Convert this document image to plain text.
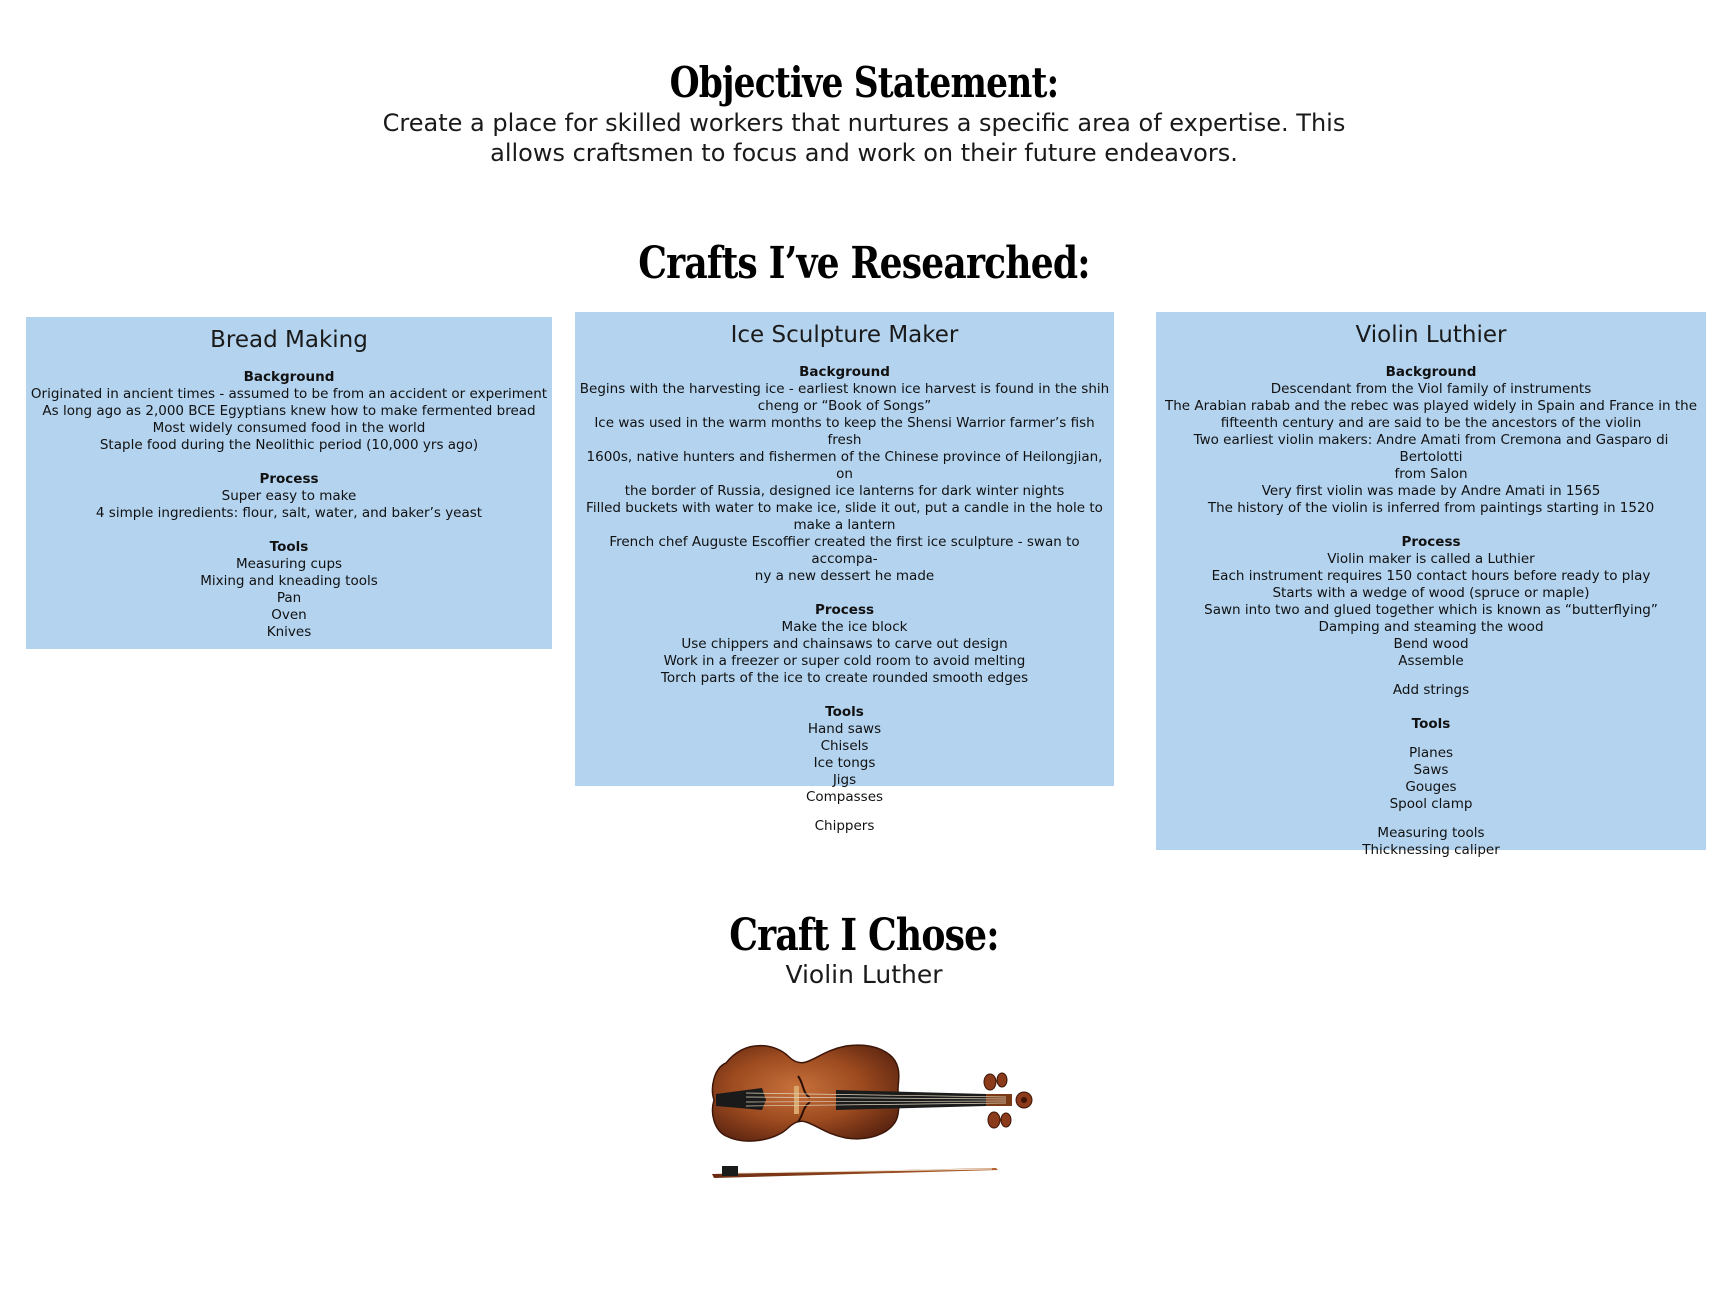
Objective Statement:
Create a place for skilled workers that nurtures a specific area of expertise. This
allows craftsmen to focus and work on their future endeavors.
Crafts I’ve Researched:
Bread Making
Background
Originated in ancient times - assumed to be from an accident or experiment
As long ago as 2,000 BCE Egyptians knew how to make fermented bread
Most widely consumed food in the world
Staple food during the Neolithic period (10,000 yrs ago)
Process
Super easy to make
4 simple ingredients: flour, salt, water, and baker’s yeast
Tools
Measuring cups
Mixing and kneading tools
Pan
Oven
Knives
Ice Sculpture Maker
Background
Begins with the harvesting ice - earliest known ice harvest is found in the shih
cheng or “Book of Songs”
Ice was used in the warm months to keep the Shensi Warrior farmer’s fish fresh
1600s, native hunters and fishermen of the Chinese province of Heilongjian, on
the border of Russia, designed ice lanterns for dark winter nights
Filled buckets with water to make ice, slide it out, put a candle in the hole to
make a lantern
French chef Auguste Escoffier created the first ice sculpture - swan to accompa-
ny a new dessert he made
Process
Make the ice block
Use chippers and chainsaws to carve out design
Work in a freezer or super cold room to avoid melting
Torch parts of the ice to create rounded smooth edges
Tools
Hand saws
Chisels
Ice tongs
Jigs
Compasses
Chippers
Violin Luthier
Background
Descendant from the Viol family of instruments
The Arabian rabab and the rebec was played widely in Spain and France in the
fifteenth century and are said to be the ancestors of the violin
Two earliest violin makers: Andre Amati from Cremona and Gasparo di Bertolotti
from Salon
Very first violin was made by Andre Amati in 1565
The history of the violin is inferred from paintings starting in 1520
Process
Violin maker is called a Luthier
Each instrument requires 150 contact hours before ready to play
Starts with a wedge of wood (spruce or maple)
Sawn into two and glued together which is known as “butterflying”
Damping and steaming the wood
Bend wood
Assemble
Add strings
Tools
Planes
Saws
Gouges
Spool clamp
Measuring tools
Thicknessing caliper
Craft I Chose:
Violin Luther
